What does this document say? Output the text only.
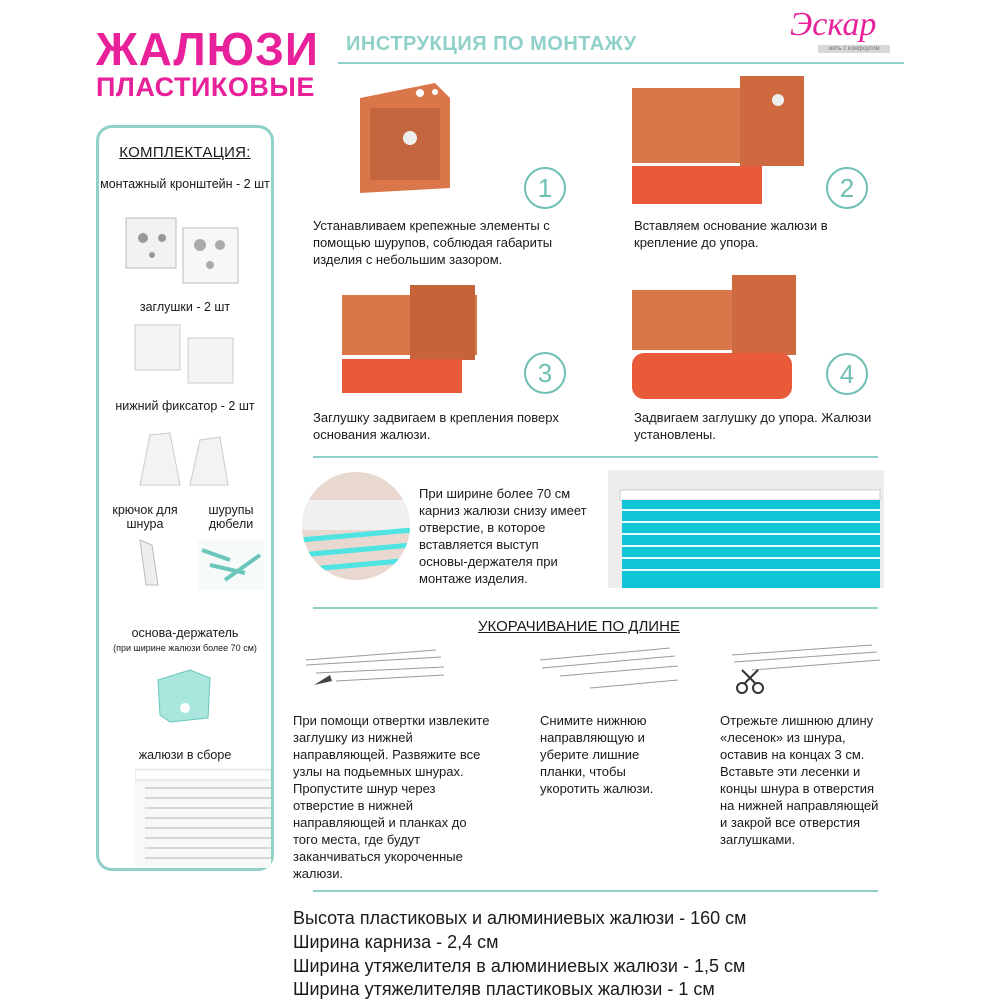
ЖАЛЮЗИ
ПЛАСТИКОВЫЕ
ИНСТРУКЦИЯ ПО МОНТАЖУ
Эскар
жить с комфортом
КОМПЛЕКТАЦИЯ:
монтажный кронштейн - 2 шт
заглушки - 2 шт
нижний фиксатор - 2 шт
крючок для шнура
шурупы дюбели
основа-держатель
(при ширине жалюзи более 70 см)
жалюзи в сборе
1
Устанавливаем крепежные элементы с помощью шурупов, соблюдая габариты изделия с небольшим зазором.
2
Вставляем основание жалюзи в крепление до упора.
3
Заглушку задвигаем в крепления поверх основания жалюзи.
4
Задвигаем заглушку до упора. Жалюзи установлены.
При ширине более 70 см карниз жалюзи снизу имеет отверстие, в которое вставляется выступ основы-держателя при монтаже изделия.
УКОРАЧИВАНИЕ ПО ДЛИНЕ
При помощи отвертки извлеките заглушку из нижней направляющей. Развяжите все узлы на подьемных шнурах. Пропустите шнур через отверстие в нижней направляющей и планках до того места, где будут заканчиваться укороченные жалюзи.
Снимите нижнюю направляющую и уберите лишние планки, чтобы укоротить жалюзи.
Отрежьте лишнюю длину «лесенок» из шнура, оставив на концах 3 см. Вставьте эти лесенки и концы шнура в отверстия на нижней направляющей и закрой все отверстия заглушками.
Высота пластиковых и алюминиевых жалюзи - 160 см
Ширина карниза - 2,4 см
Ширина утяжелителя в алюминиевых жалюзи - 1,5 см
Ширина утяжелителяв пластиковых жалюзи - 1 см
